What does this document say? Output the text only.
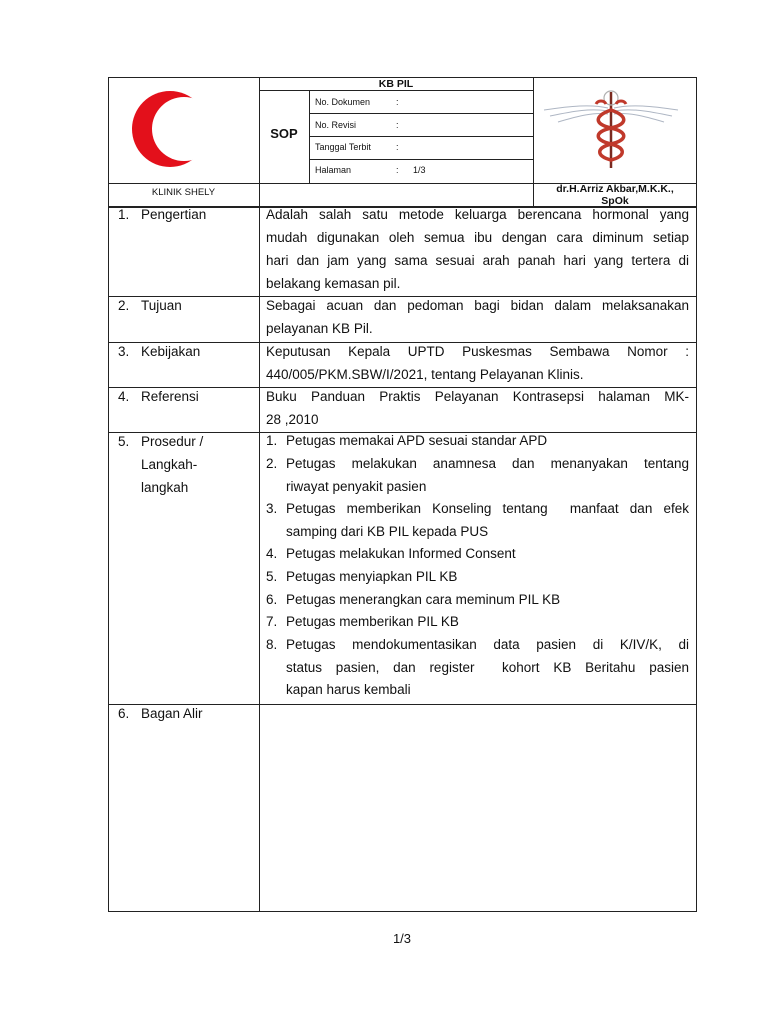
KB PIL
SOP
No. Dokumen	:
No. Revisi	:
Tanggal Terbit	:
Halaman	: 1/3
KLINIK SHELY	dr.H.Arriz Akbar,M.K.K.,
SpOk
1. Pengertian	Adalah salah satu metode keluarga berencana hormonal yang
mudah digunakan oleh semua ibu dengan cara diminum setiap
hari dan jam yang sama sesuai arah panah hari yang tertera di
belakang kemasan pil.
2. Tujuan	Sebagai acuan dan pedoman bagi bidan dalam melaksanakan
pelayanan KB Pil.
3. Kebijakan	Keputusan Kepala UPTD Puskesmas Sembawa Nomor :
440/005/PKM.SBW/I/2021, tentang Pelayanan Klinis.
4. Referensi	Buku Panduan Praktis Pelayanan Kontrasepsi halaman MK-
28 ,2010
5. Prosedur /
Langkah-
langkah
1. Petugas memakai APD sesuai standar APD
2. Petugas melakukan anamnesa dan menanyakan tentang
riwayat penyakit pasien
3. Petugas memberikan Konseling tentang  manfaat dan efek
samping dari KB PIL kepada PUS
4. Petugas melakukan Informed Consent
5. Petugas menyiapkan PIL KB
6. Petugas menerangkan cara meminum PIL KB
7. Petugas memberikan PIL KB
8. Petugas mendokumentasikan data pasien di K/IV/K, di
status pasien, dan register  kohort KB Beritahu pasien
kapan harus kembali
6. Bagan Alir
1/3
